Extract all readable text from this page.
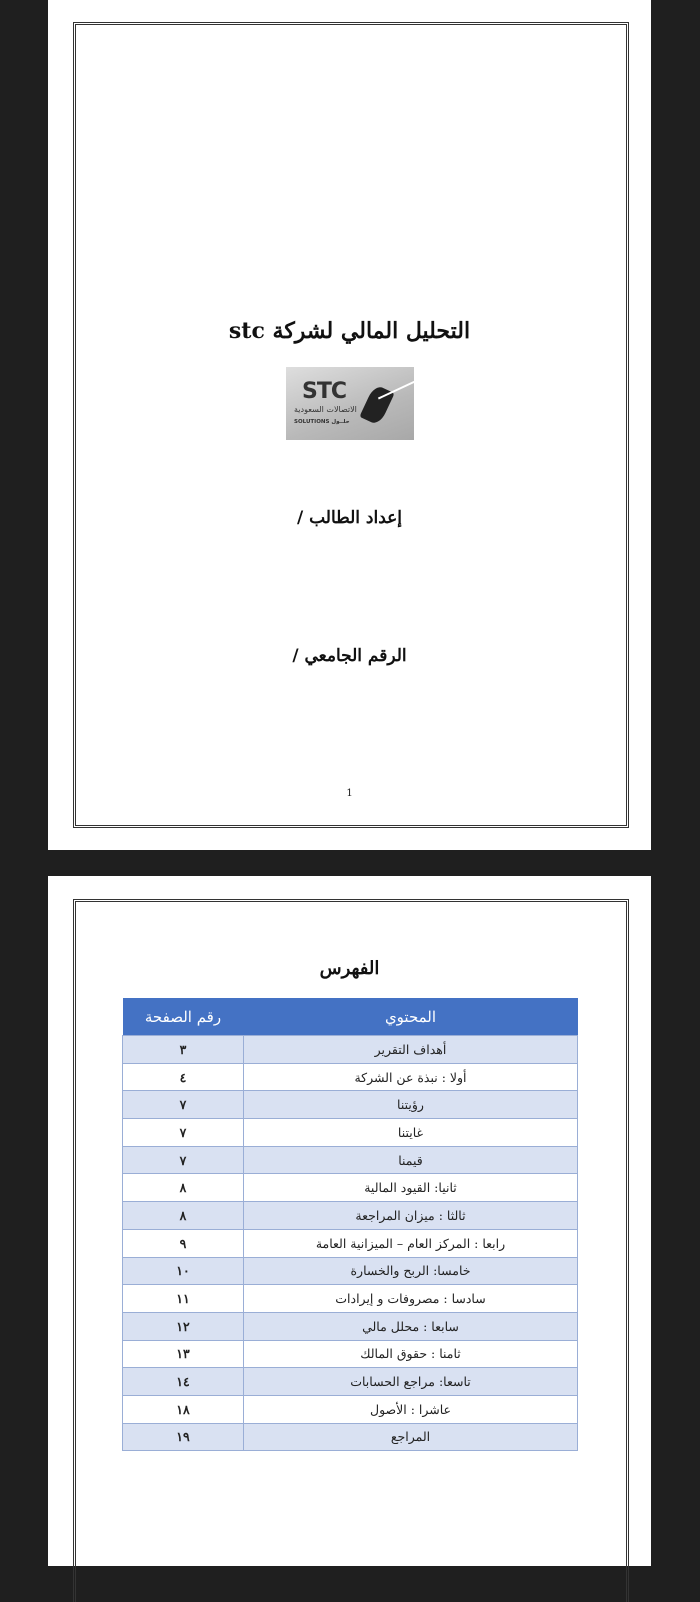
التحليل المالي لشركة stc
STC
الاتصالات السعودية
SOLUTIONS حلــول
إعداد الطالب /
الرقم الجامعي /
1
الفهرس
المحتوي	رقم الصفحة
أهداف التقرير	٣
أولا : نبذة عن الشركة	٤
رؤيتنا	٧
غايتنا	٧
قيمنا	٧
ثانيا: القيود المالية	٨
ثالثا : ميزان المراجعة	٨
رابعا : المركز العام – الميزانية العامة	٩
خامسا: الربح والخسارة	١٠
سادسا : مصروفات و إيرادات	١١
سابعا : محلل مالي	١٢
ثامنا : حقوق المالك	١٣
تاسعا: مراجع الحسابات	١٤
عاشرا : الأصول	١٨
المراجع	١٩
